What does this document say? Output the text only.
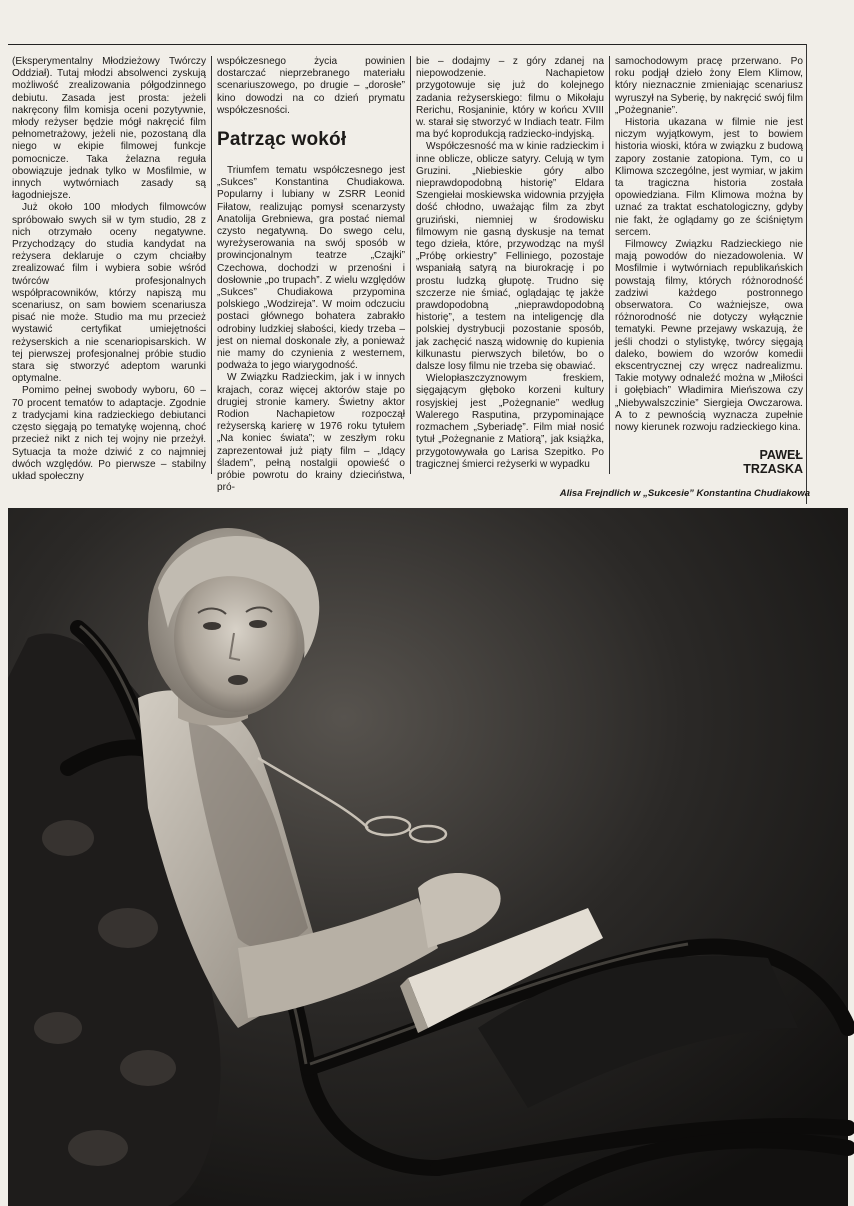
(Eksperymentalny Młodzieżowy Twórczy Oddział). Tutaj młodzi absolwenci zyskują możliwość zrealizowania półgodzinnego debiutu. Zasada jest prosta: jeżeli nakręcony film komisja oceni pozytywnie, młody reżyser będzie mógł nakręcić film pełnometrażowy, jeżeli nie, pozostaną dla niego w ekipie filmowej funkcje pomocnicze. Taka żelazna reguła obowiązuje jednak tylko w Mosfilmie, w innych wytwórniach zasady są łagodniejsze.

Już około 100 młodych filmowców spróbowało swych sił w tym studio, 28 z nich otrzymało oceny negatywne. Przychodzący do studia kandydat na reżysera deklaruje o czym chciałby zrealizować film i wybiera sobie wśród twórców profesjonalnych współpracowników, którzy napiszą mu scenariusz, on sam bowiem scenariusza pisać nie może. Studio ma mu przecież wystawić certyfikat umiejętności reżyserskich a nie scenariopisarskich. W tej pierwszej profesjonalnej próbie studio stara się stworzyć adeptom warunki optymalne.

Pomimo pełnej swobody wyboru, 60 – 70 procent tematów to adaptacje. Zgodnie z tradycjami kina radzieckiego debiutanci często sięgają po tematykę wojenną, choć przecież nikt z nich tej wojny nie przeżył. Sytuacja ta może dziwić z co najmniej dwóch względów. Po pierwsze – stabilny układ społeczny

współczesnego życia powinien dostarczać nieprzebranego materiału scenariuszowego, po drugie – „dorosłe” kino dowodzi na co dzień prymatu współczesności.

Patrząc wokół

Triumfem tematu współczesnego jest „Sukces” Konstantina Chudiakowa. Popularny i lubiany w ZSRR Leonid Fiłatow, realizując pomysł scenarzysty Anatolija Grebniewa, gra postać niemal czysto negatywną. Do swego celu, wyreżyserowania na swój sposób w prowincjonalnym teatrze „Czajki” Czechowa, dochodzi w przenośni i dosłownie „po trupach”. Z wielu względów „Sukces” Chudiakowa przypomina polskiego „Wodzireja”. W moim odczuciu postaci głównego bohatera zabrakło odrobiny ludzkiej słabości, kiedy trzeba – jest on niemal doskonale zły, a ponieważ nie mamy do czynienia z westernem, podważa to jego wiarygodność.

W Związku Radzieckim, jak i w innych krajach, coraz więcej aktorów staje po drugiej stronie kamery. Świetny aktor Rodion Nachapietow rozpoczął reżyserską karierę w 1976 roku tytułem „Na koniec świata”; w zeszłym roku zaprezentował już piąty film – „Idący śladem”, pełną nostalgii opowieść o próbie powrotu do krainy dzieciństwa, pró-

bie – dodajmy – z góry zdanej na niepowodzenie. Nachapietow przygotowuje się już do kolejnego zadania reżyserskiego: filmu o Mikołaju Rerichu, Rosjaninie, który w końcu XVIII w. starał się stworzyć w Indiach teatr. Film ma być koprodukcją radziecko-indyjską.

Współczesność ma w kinie radzieckim i inne oblicze, oblicze satyry. Celują w tym Gruzini. „Niebieskie góry albo nieprawdopodobną historię” Eldara Szengiełai moskiewska widownia przyjęła dość chłodno, uważając film za zbyt gruziński, niemniej w środowisku filmowym nie gasną dyskusje na temat tego dzieła, które, przywodząc na myśl „Próbę orkiestry” Felliniego, pozostaje wspaniałą satyrą na biurokrację i po prostu ludzką głupotę. Trudno się szczerze nie śmiać, oglądając tę jakże prawdopodobną „nieprawdopodobną historię”, a testem na inteligencję dla polskiej dystrybucji pozostanie sposób, jak zachęcić naszą widownię do kupienia kilkunastu pierwszych biletów, bo o dalsze losy filmu nie trzeba się obawiać.

Wielopłaszczyznowym freskiem, sięgającym głęboko korzeni kultury rosyjskiej jest „Pożegnanie” według Walerego Rasputina, przypominające rozmachem „Syberiadę”. Film miał nosić tytuł „Pożegnanie z Matiorą”, jak książka, przygotowywała go Larisa Szepitko. Po tragicznej śmierci reżyserki w wypadku

samochodowym pracę przerwano. Po roku podjął dzieło żony Elem Klimow, który nieznacznie zmieniając scenariusz wyruszył na Syberię, by nakręcić swój film „Pożegnanie”.

Historia ukazana w filmie nie jest niczym wyjątkowym, jest to bowiem historia wioski, która w związku z budową zapory zostanie zatopiona. Tym, co u Klimowa szczególne, jest wymiar, w jakim ta tragiczna historia została opowiedziana. Film Klimowa można by uznać za traktat eschatologiczny, gdyby nie fakt, że oglądamy go ze ściśniętym sercem.

Filmowcy Związku Radzieckiego nie mają powodów do niezadowolenia. W Mosfilmie i wytwórniach republikańskich powstają filmy, których różnorodność zadziwi każdego postronnego obserwatora. Co ważniejsze, owa różnorodność nie dotyczy wyłącznie tematyki. Pewne przejawy wskazują, że jeśli chodzi o stylistykę, twórcy sięgają daleko, bowiem do wzorów komedii ekscentrycznej czy wręcz nadrealizmu. Takie motywy odnaleźć można w „Miłości i gołębiach” Władimira Mieńszowa czy „Niebywalszczinie” Siergieja Owczarowa. A to z pewnością wyznacza zupełnie nowy kierunek rozwoju radzieckiego kina.

PAWEŁ
TRZASKA
Alisa Frejndlich w „Sukcesie” Konstantina Chudiakowa
